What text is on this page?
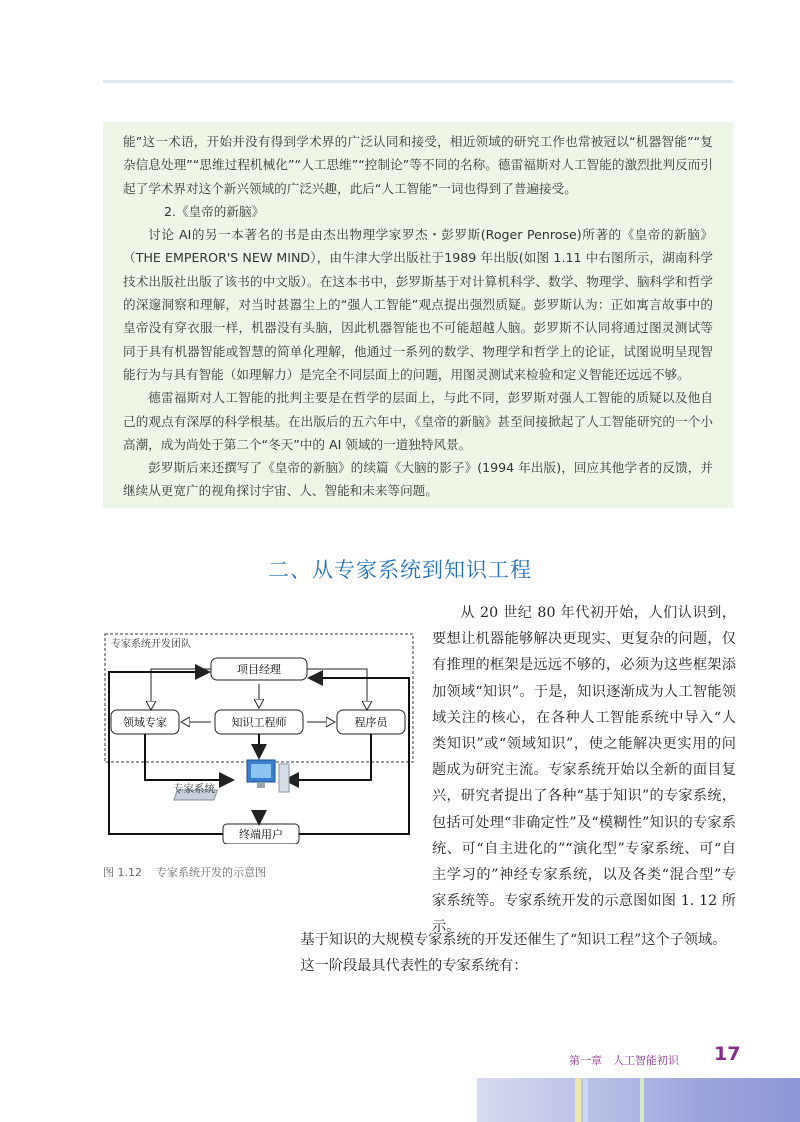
能”这一术语，开始并没有得到学术界的广泛认同和接受，相近领域的研究工作也常被冠以“机器智能”“复杂信息处理”“思维过程机械化”“人工思维”“控制论”等不同的名称。德雷福斯对人工智能的激烈批判反而引起了学术界对这个新兴领域的广泛兴趣，此后“人工智能”一词也得到了普遍接受。

2.《皇帝的新脑》

讨论 AI的另一本著名的书是由杰出物理学家罗杰・彭罗斯(Roger Penrose)所著的《皇帝的新脑》（THE EMPEROR'S NEW MIND），由牛津大学出版社于1989 年出版(如图 1.11 中右图所示，湖南科学技术出版社出版了该书的中文版）。在这本书中，彭罗斯基于对计算机科学、数学、物理学、脑科学和哲学的深邃洞察和理解，对当时甚嚣尘上的“强人工智能”观点提出强烈质疑。彭罗斯认为：正如寓言故事中的皇帝没有穿衣服一样，机器没有头脑，因此机器智能也不可能超越人脑。彭罗斯不认同将通过图灵测试等同于具有机器智能或智慧的简单化理解，他通过一系列的数学、物理学和哲学上的论证，试图说明呈现智能行为与具有智能（如理解力）是完全不同层面上的问题，用图灵测试来检验和定义智能还远远不够。

德雷福斯对人工智能的批判主要是在哲学的层面上，与此不同，彭罗斯对强人工智能的质疑以及他自己的观点有深厚的科学根基。在出版后的五六年中，《皇帝的新脑》甚至间接掀起了人工智能研究的一个小高潮，成为尚处于第二个“冬天”中的 AI 领域的一道独特风景。

彭罗斯后来还撰写了《皇帝的新脑》的续篇《大脑的影子》(1994 年出版)，回应其他学者的反馈，并继续从更宽广的视角探讨宇宙、人、智能和未来等问题。

二、从专家系统到知识工程
专家系统开发团队
项目经理
领域专家	知识工程师	程序员
终端用户
专家系统
图 1.12 专家系统开发的示意图

从 20 世纪 80 年代初开始，人们认识到，要想让机器能够解决更现实、更复杂的问题，仅有推理的框架是远远不够的，必须为这些框架添加领域“知识”。于是，知识逐渐成为人工智能领域关注的核心，在各种人工智能系统中导入“人类知识”或“领域知识”，使之能解决更实用的问题成为研究主流。专家系统开始以全新的面目复兴，研究者提出了各种“基于知识”的专家系统，包括可处理“非确定性”及“模糊性”知识的专家系统、可“自主进化的”“演化型”专家系统、可“自主学习的”神经专家系统，以及各类“混合型”专家系统等。专家系统开发的示意图如图 1. 12 所示。

基于知识的大规模专家系统的开发还催生了“知识工程”这个子领域。

这一阶段最具代表性的专家系统有：

第一章　人工智能初识 17
